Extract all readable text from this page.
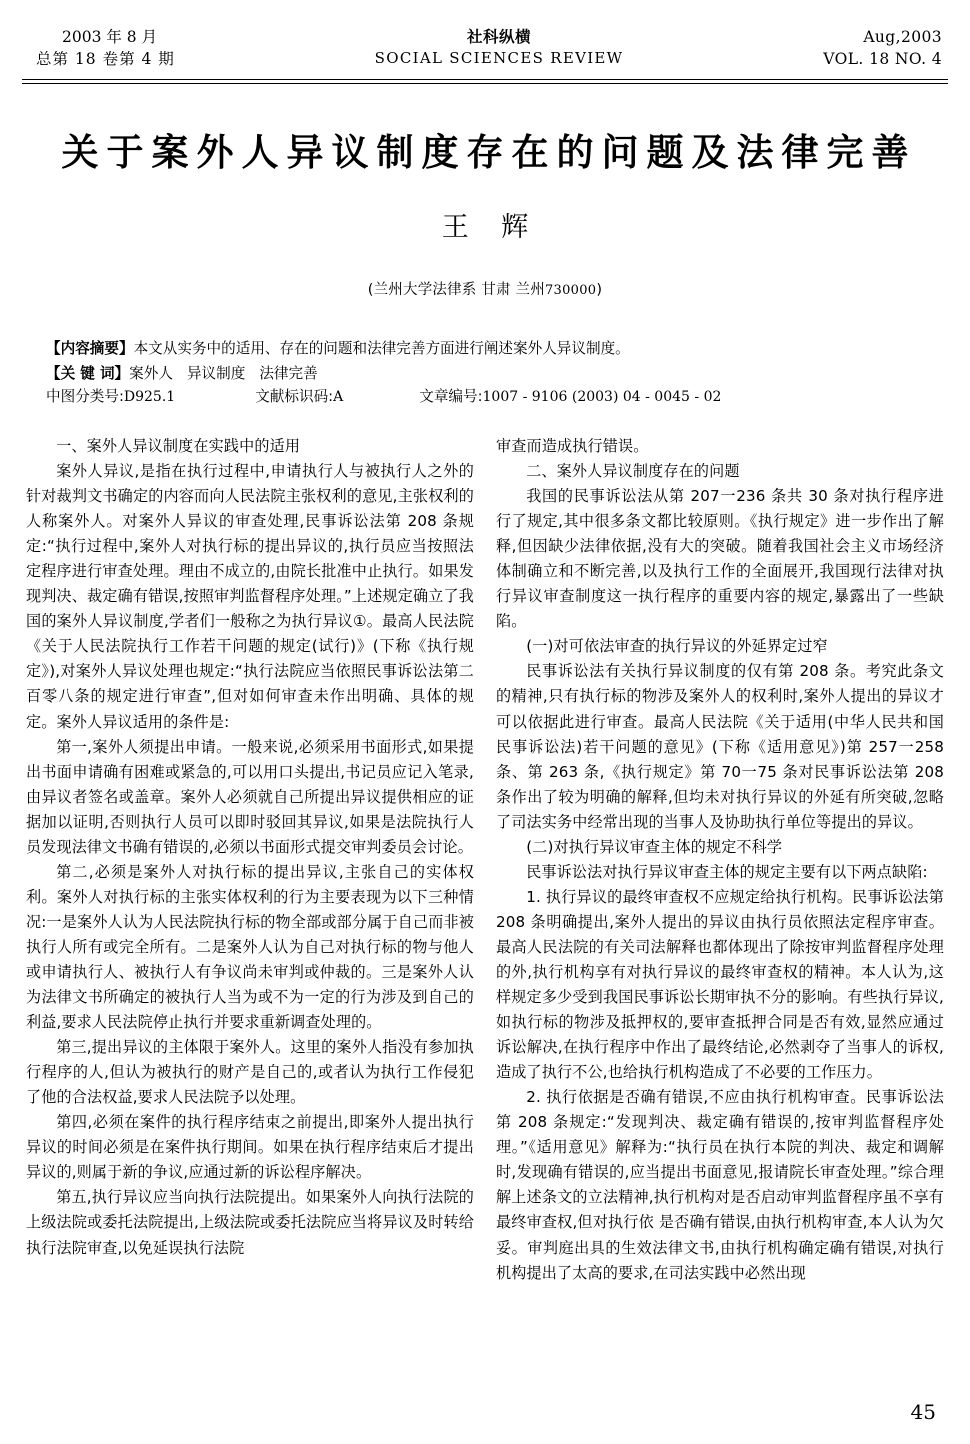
2003 年 8 月
总第 18 卷第 4 期
社科纵横
SOCIAL SCIENCES REVIEW
Aug,2003
VOL. 18 NO. 4
关于案外人异议制度存在的问题及法律完善
王 辉
(兰州大学法律系 甘肃 兰州730000)
【内容摘要】本文从实务中的适用、存在的问题和法律完善方面进行阐述案外人异议制度。
【关 键 词】案外人 异议制度 法律完善
中图分类号:D925.1	文献标识码:A	文章编号:1007 - 9106 (2003) 04 - 0045 - 02

一、案外人异议制度在实践中的适用

案外人异议,是指在执行过程中,申请执行人与被执行人之外的针对裁判文书确定的内容而向人民法院主张权利的意见,主张权利的人称案外人。对案外人异议的审查处理,民事诉讼法第 208 条规定:“执行过程中,案外人对执行标的提出异议的,执行员应当按照法定程序进行审查处理。理由不成立的,由院长批准中止执行。如果发现判决、裁定确有错误,按照审判监督程序处理。”上述规定确立了我国的案外人异议制度,学者们一般称之为执行异议①。最高人民法院《关于人民法院执行工作若干问题的规定(试行)》(下称《执行规定》),对案外人异议处理也规定:“执行法院应当依照民事诉讼法第二百零八条的规定进行审查”,但对如何审查未作出明确、具体的规定。案外人异议适用的条件是:

第一,案外人须提出申请。一般来说,必须采用书面形式,如果提出书面申请确有困难或紧急的,可以用口头提出,书记员应记入笔录,由异议者签名或盖章。案外人必须就自己所提出异议提供相应的证据加以证明,否则执行人员可以即时驳回其异议,如果是法院执行人员发现法律文书确有错误的,必须以书面形式提交审判委员会讨论。

第二,必须是案外人对执行标的提出异议,主张自己的实体权利。案外人对执行标的主张实体权利的行为主要表现为以下三种情况:一是案外人认为人民法院执行标的物全部或部分属于自己而非被执行人所有或完全所有。二是案外人认为自己对执行标的物与他人或申请执行人、被执行人有争议尚未审判或仲裁的。三是案外人认为法律文书所确定的被执行人当为或不为一定的行为涉及到自己的利益,要求人民法院停止执行并要求重新调查处理的。

第三,提出异议的主体限于案外人。这里的案外人指没有参加执行程序的人,但认为被执行的财产是自己的,或者认为执行工作侵犯了他的合法权益,要求人民法院予以处理。

第四,必须在案件的执行程序结束之前提出,即案外人提出执行异议的时间必须是在案件执行期间。如果在执行程序结束后才提出异议的,则属于新的争议,应通过新的诉讼程序解决。

第五,执行异议应当向执行法院提出。如果案外人向执行法院的上级法院或委托法院提出,上级法院或委托法院应当将异议及时转给执行法院审查,以免延误执行法院

审查而造成执行错误。

二、案外人异议制度存在的问题

我国的民事诉讼法从第 207一236 条共 30 条对执行程序进行了规定,其中很多条文都比较原则。《执行规定》进一步作出了解释,但因缺少法律依据,没有大的突破。随着我国社会主义市场经济体制确立和不断完善,以及执行工作的全面展开,我国现行法律对执行异议审查制度这一执行程序的重要内容的规定,暴露出了一些缺陷。

(一)对可依法审查的执行异议的外延界定过窄

民事诉讼法有关执行异议制度的仅有第 208 条。考究此条文的精神,只有执行标的物涉及案外人的权利时,案外人提出的异议才可以依据此进行审查。最高人民法院《关于适用(中华人民共和国民事诉讼法)若干问题的意见》(下称《适用意见》)第 257一258 条、第 263 条,《执行规定》第 70一75 条对民事诉讼法第 208 条作出了较为明确的解释,但均未对执行异议的外延有所突破,忽略了司法实务中经常出现的当事人及协助执行单位等提出的异议。

(二)对执行异议审查主体的规定不科学

民事诉讼法对执行异议审查主体的规定主要有以下两点缺陷:

1. 执行异议的最终审查权不应规定给执行机构。民事诉讼法第 208 条明确提出,案外人提出的异议由执行员依照法定程序审查。最高人民法院的有关司法解释也都体现出了除按审判监督程序处理的外,执行机构享有对执行异议的最终审查权的精神。本人认为,这样规定多少受到我国民事诉讼长期审执不分的影响。有些执行异议,如执行标的物涉及抵押权的,要审查抵押合同是否有效,显然应通过诉讼解决,在执行程序中作出了最终结论,必然剥夺了当事人的诉权,造成了执行不公,也给执行机构造成了不必要的工作压力。

2. 执行依据是否确有错误,不应由执行机构审查。民事诉讼法第 208 条规定:“发现判决、裁定确有错误的,按审判监督程序处理。”《适用意见》解释为:“执行员在执行本院的判决、裁定和调解时,发现确有错误的,应当提出书面意见,报请院长审查处理。”综合理解上述条文的立法精神,执行机构对是否启动审判监督程序虽不享有最终审查权,但对执行依 是否确有错误,由执行机构审查,本人认为欠妥。审判庭出具的生效法律文书,由执行机构确定确有错误,对执行机构提出了太高的要求,在司法实践中必然出现

45
